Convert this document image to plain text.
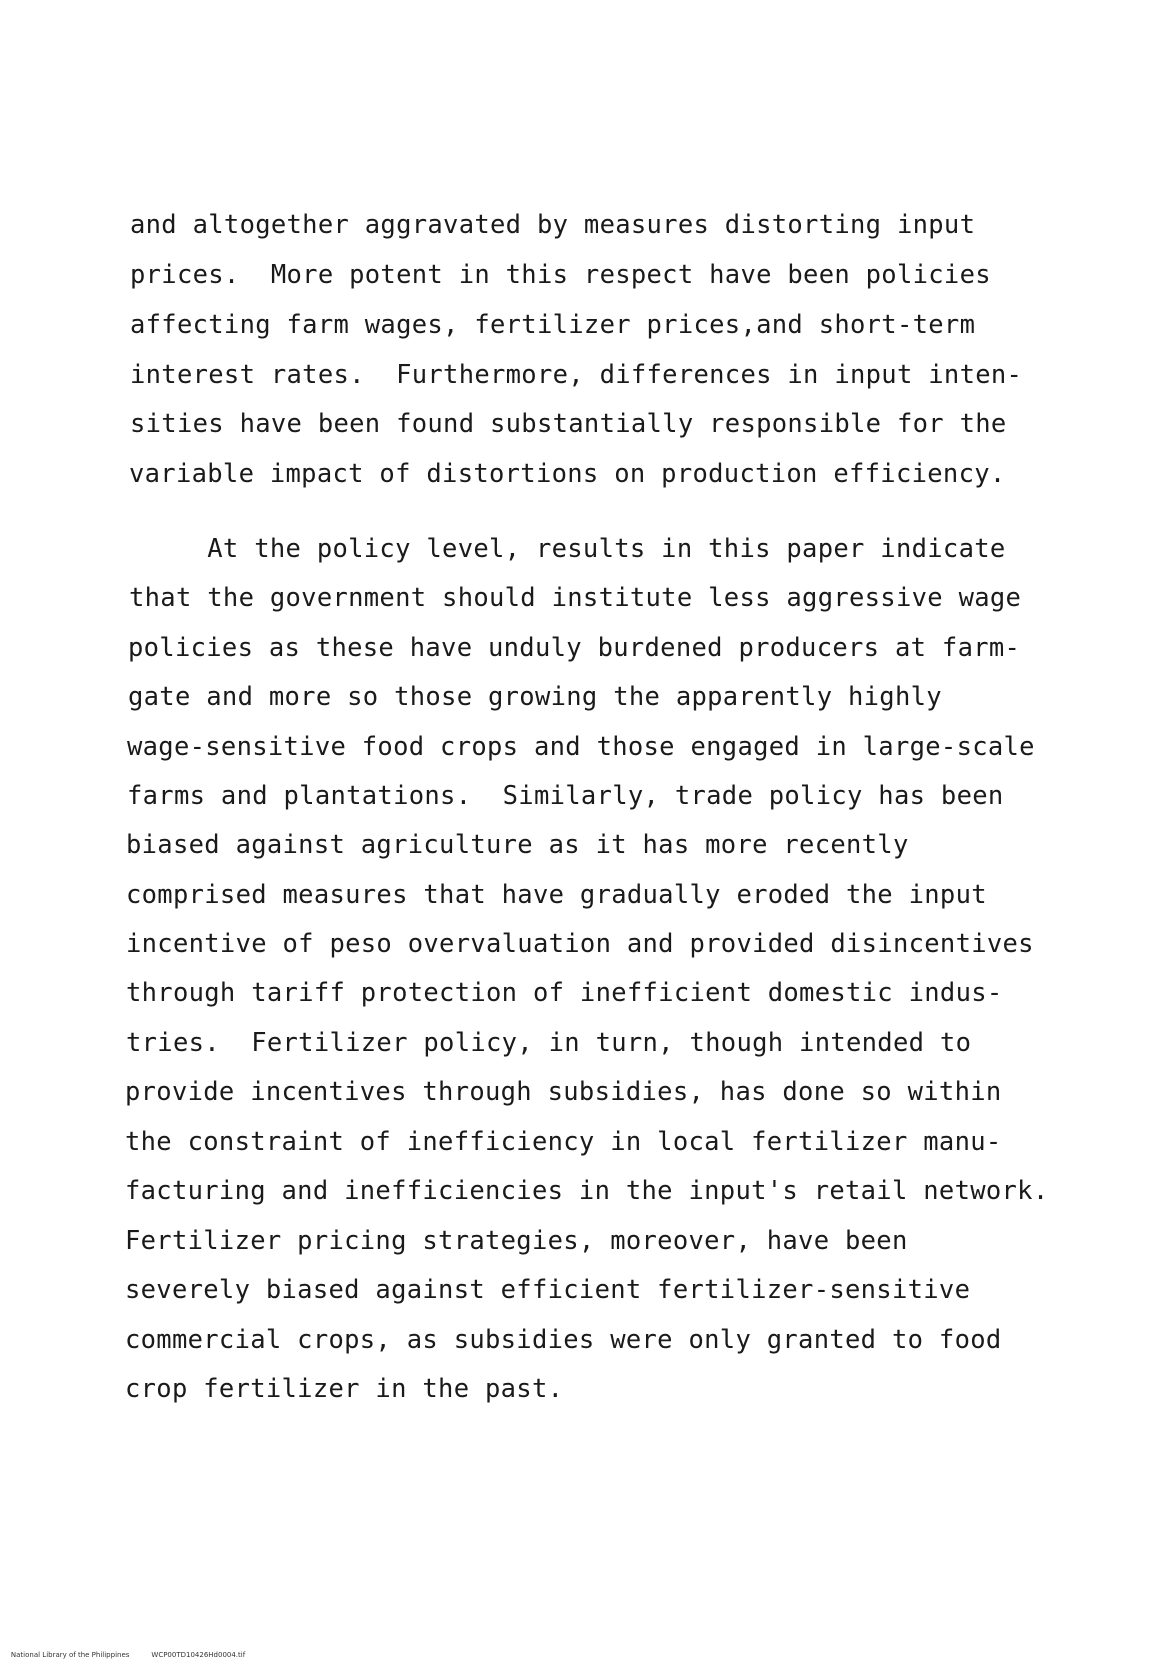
and altogether aggravated by measures distorting input
prices.  More potent in this respect have been policies
affecting farm wages, fertilizer prices,and short-term
interest rates.  Furthermore, differences in input inten-
sities have been found substantially responsible for the
variable impact of distortions on production efficiency.
At the policy level, results in this paper indicate
that the government should institute less aggressive wage
policies as these have unduly burdened producers at farm-
gate and more so those growing the apparently highly
wage-sensitive food crops and those engaged in large-scale
farms and plantations.  Similarly, trade policy has been
biased against agriculture as it has more recently
comprised measures that have gradually eroded the input
incentive of peso overvaluation and provided disincentives
through tariff protection of inefficient domestic indus-
tries.  Fertilizer policy, in turn, though intended to
provide incentives through subsidies, has done so within
the constraint of inefficiency in local fertilizer manu-
facturing and inefficiencies in the input's retail network.
Fertilizer pricing strategies, moreover, have been
severely biased against efficient fertilizer-sensitive
commercial crops, as subsidies were only granted to food
crop fertilizer in the past.

National Library of the Philippines	WCP00TD10426Hd0004.tif
